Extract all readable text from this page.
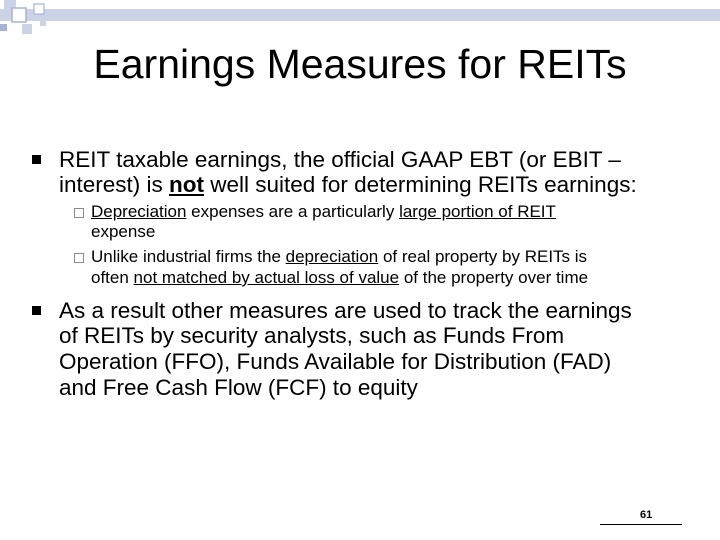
Earnings Measures for REITs
REIT taxable earnings, the official GAAP EBT (or EBIT –
interest) is not well suited for determining REITs earnings:
Depreciation expenses are a particularly large portion of REIT
expense
Unlike industrial firms the depreciation of real property by REITs is
often not matched by actual loss of value of the property over time
As a result other measures are used to track the earnings
of REITs by security analysts, such as Funds From
Operation (FFO), Funds Available for Distribution (FAD)
and Free Cash Flow (FCF) to equity
61
